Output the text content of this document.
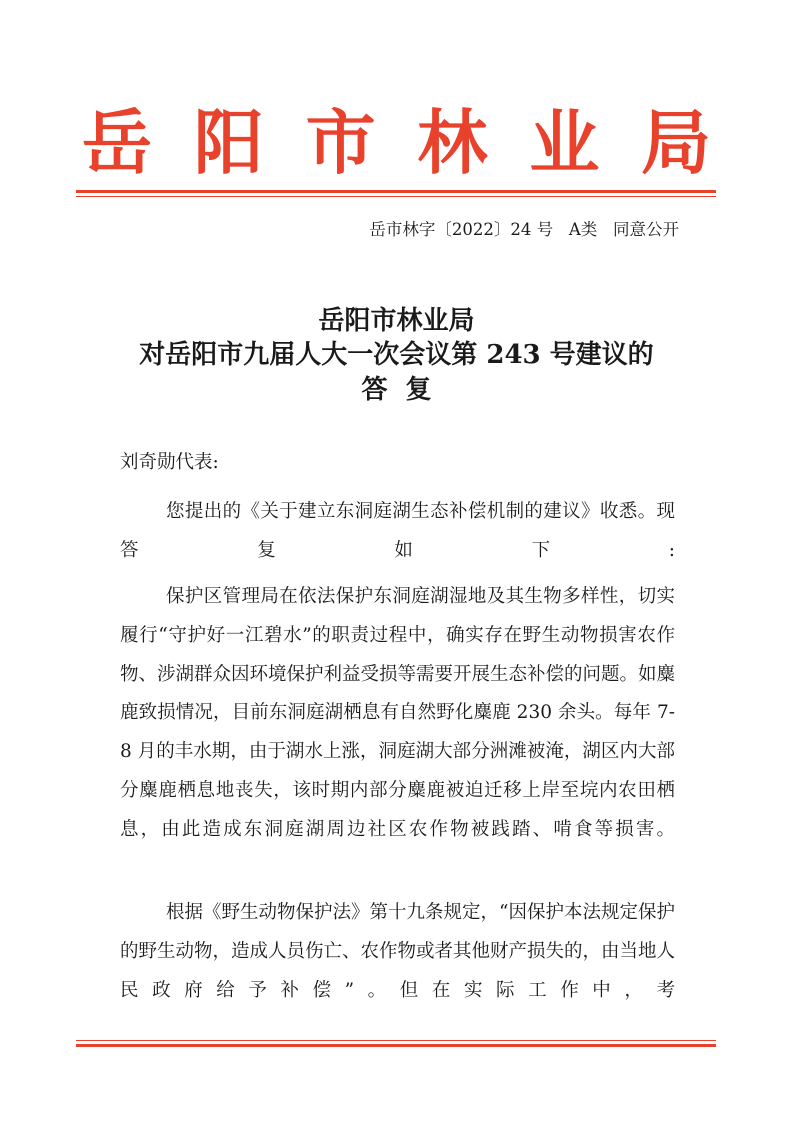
岳 阳 市 林 业 局
岳市林字〔2022〕24 号   A类   同意公开
岳阳市林业局
对岳阳市九届人大一次会议第 243 号建议的
答  复
刘奇勋代表:
您提出的《关于建立东洞庭湖生态补偿机制的建议》收悉。现答复如下:
保护区管理局在依法保护东洞庭湖湿地及其生物多样性，切实履行“守护好一江碧水”的职责过程中，确实存在野生动物损害农作物、涉湖群众因环境保护利益受损等需要开展生态补偿的问题。如麋鹿致损情况，目前东洞庭湖栖息有自然野化麋鹿 230 余头。每年 7-8 月的丰水期，由于湖水上涨，洞庭湖大部分洲滩被淹，湖区内大部分麋鹿栖息地丧失，该时期内部分麋鹿被迫迁移上岸至垸内农田栖息，由此造成东洞庭湖周边社区农作物被践踏、啃食等损害。
根据《野生动物保护法》第十九条规定，“因保护本法规定保护的野生动物，造成人员伤亡、农作物或者其他财产损失的，由当地人民政府给予补偿”。但在实际工作中，考
